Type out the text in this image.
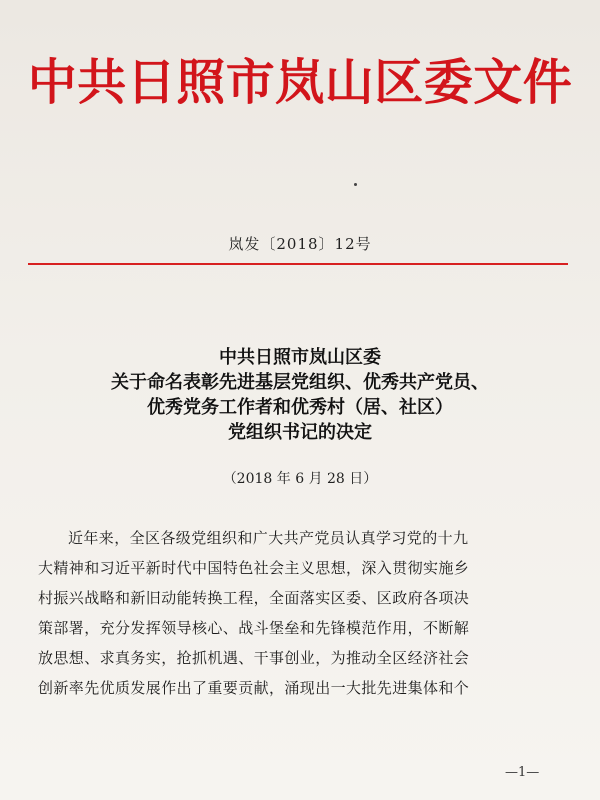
中共日照市岚山区委文件
岚发〔2018〕12号
中共日照市岚山区委
关于命名表彰先进基层党组织、优秀共产党员、
优秀党务工作者和优秀村（居、社区）
党组织书记的决定
（2018 年 6 月 28 日）
近年来，全区各级党组织和广大共产党员认真学习党的十九
大精神和习近平新时代中国特色社会主义思想，深入贯彻实施乡
村振兴战略和新旧动能转换工程，全面落实区委、区政府各项决
策部署，充分发挥领导核心、战斗堡垒和先锋模范作用，不断解
放思想、求真务实，抢抓机遇、干事创业，为推动全区经济社会
创新率先优质发展作出了重要贡献，涌现出一大批先进集体和个
—1—
